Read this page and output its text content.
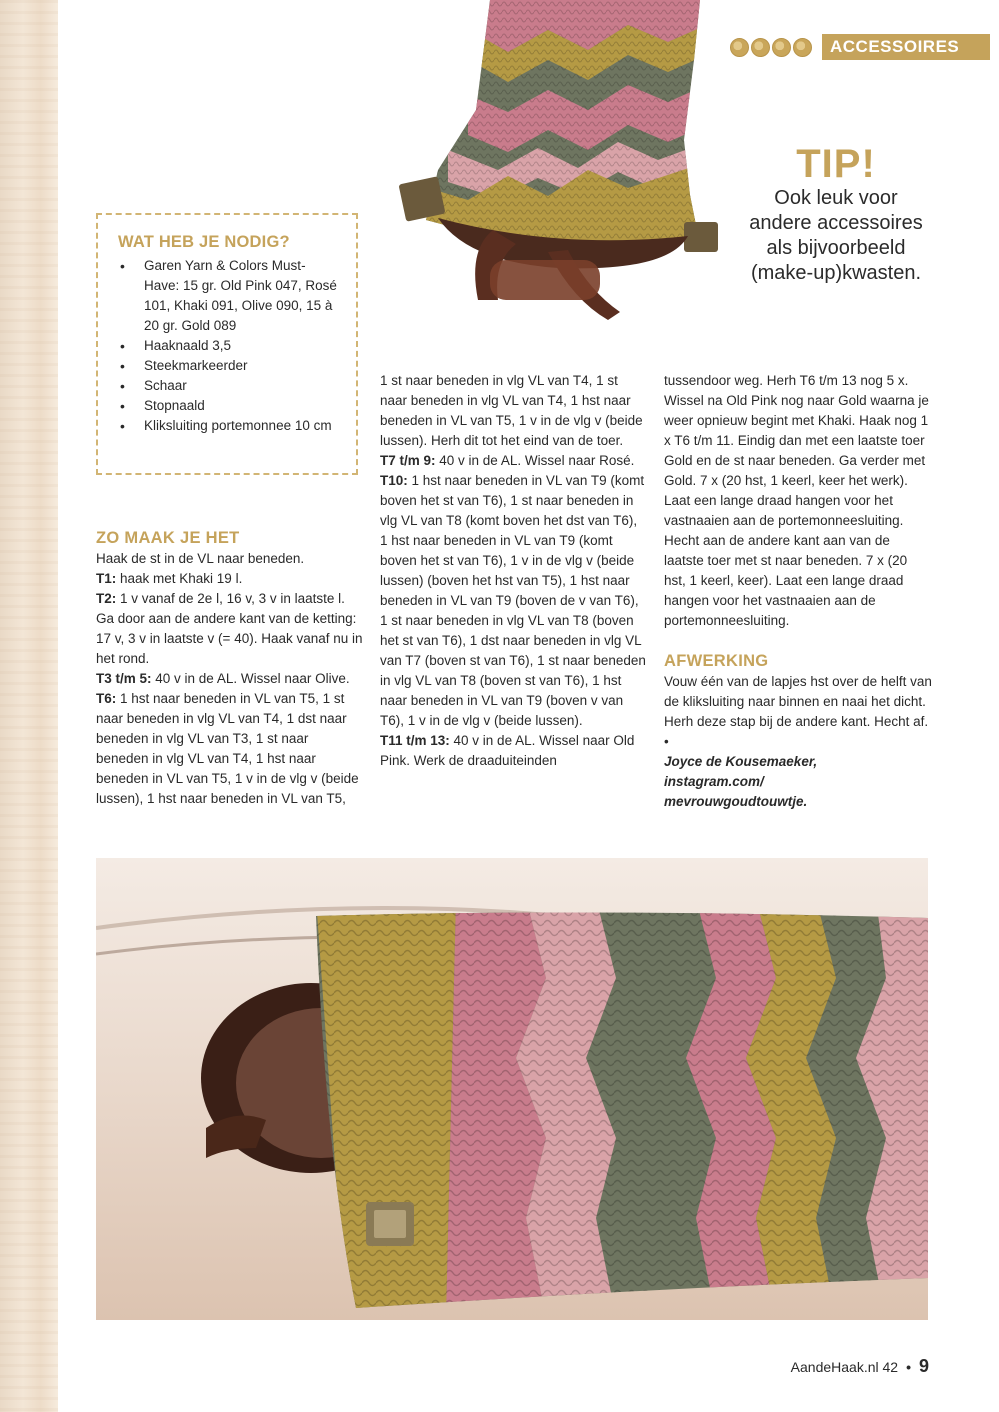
ACCESSOIRES
TIP!
Ook leuk voor
andere accessoires
als bijvoorbeeld
(make-up)kwasten.
WAT HEB JE NODIG?
• Garen Yarn & Colors Must-Have: 15 gr. Old Pink 047, Rosé 101, Khaki 091, Olive 090, 15 à 20 gr. Gold 089
• Haaknaald 3,5
• Steekmarkeerder
• Schaar
• Stopnaald
• Kliksluiting portemonnee 10 cm
ZO MAAK JE HET

Haak de st in de VL naar beneden.

T1: haak met Khaki 19 l.

T2: 1 v vanaf de 2e l, 16 v, 3 v in laatste l. Ga door aan de andere kant van de ketting: 17 v, 3 v in laatste v (= 40). Haak vanaf nu in het rond.

T3 t/m 5: 40 v in de AL. Wissel naar Olive.

T6: 1 hst naar beneden in VL van T5, 1 st naar beneden in vlg VL van T4, 1 dst naar beneden in vlg VL van T3, 1 st naar beneden in vlg VL van T4, 1 hst naar beneden in VL van T5, 1 v in de vlg v (beide lussen), 1 hst naar beneden in VL van T5,

1 st naar beneden in vlg VL van T4, 1 st naar beneden in vlg VL van T4, 1 hst naar beneden in VL van T5, 1 v in de vlg v (beide lussen). Herh dit tot het eind van de toer.

T7 t/m 9: 40 v in de AL. Wissel naar Rosé.

T10: 1 hst naar beneden in VL van T9 (komt boven het st van T6), 1 st naar beneden in vlg VL van T8 (komt boven het dst van T6), 1 hst naar beneden in VL van T9 (komt boven het st van T6), 1 v in de vlg v (beide lussen) (boven het hst van T5), 1 hst naar beneden in VL van T9 (boven de v van T6), 1 st naar beneden in vlg VL van T8 (boven het st van T6), 1 dst naar beneden in vlg VL van T7 (boven st van T6), 1 st naar beneden in vlg VL van T8 (boven st van T6), 1 hst naar beneden in VL van T9 (boven v van T6), 1 v in de vlg v (beide lussen).

T11 t/m 13: 40 v in de AL. Wissel naar Old Pink. Werk de draaduiteinden

tussendoor weg. Herh T6 t/m 13 nog 5 x. Wissel na Old Pink nog naar Gold waarna je weer opnieuw begint met Khaki. Haak nog 1 x T6 t/m 11. Eindig dan met een laatste toer Gold en de st naar beneden. Ga verder met Gold. 7 x (20 hst, 1 keerl, keer het werk). Laat een lange draad hangen voor het vastnaaien aan de portemonneesluiting. Hecht aan de andere kant aan van de laatste toer met st naar beneden. 7 x (20 hst, 1 keerl, keer). Laat een lange draad hangen voor het vastnaaien aan de portemonneesluiting.

AFWERKING

Vouw één van de lapjes hst over de helft van de kliksluiting naar binnen en naai het dicht. Herh deze stap bij de andere kant. Hecht af. •

Joyce de Kousemaeker,

instagram.com/

mevrouwgoudtouwtje.

AandeHaak.nl 42 • 9
